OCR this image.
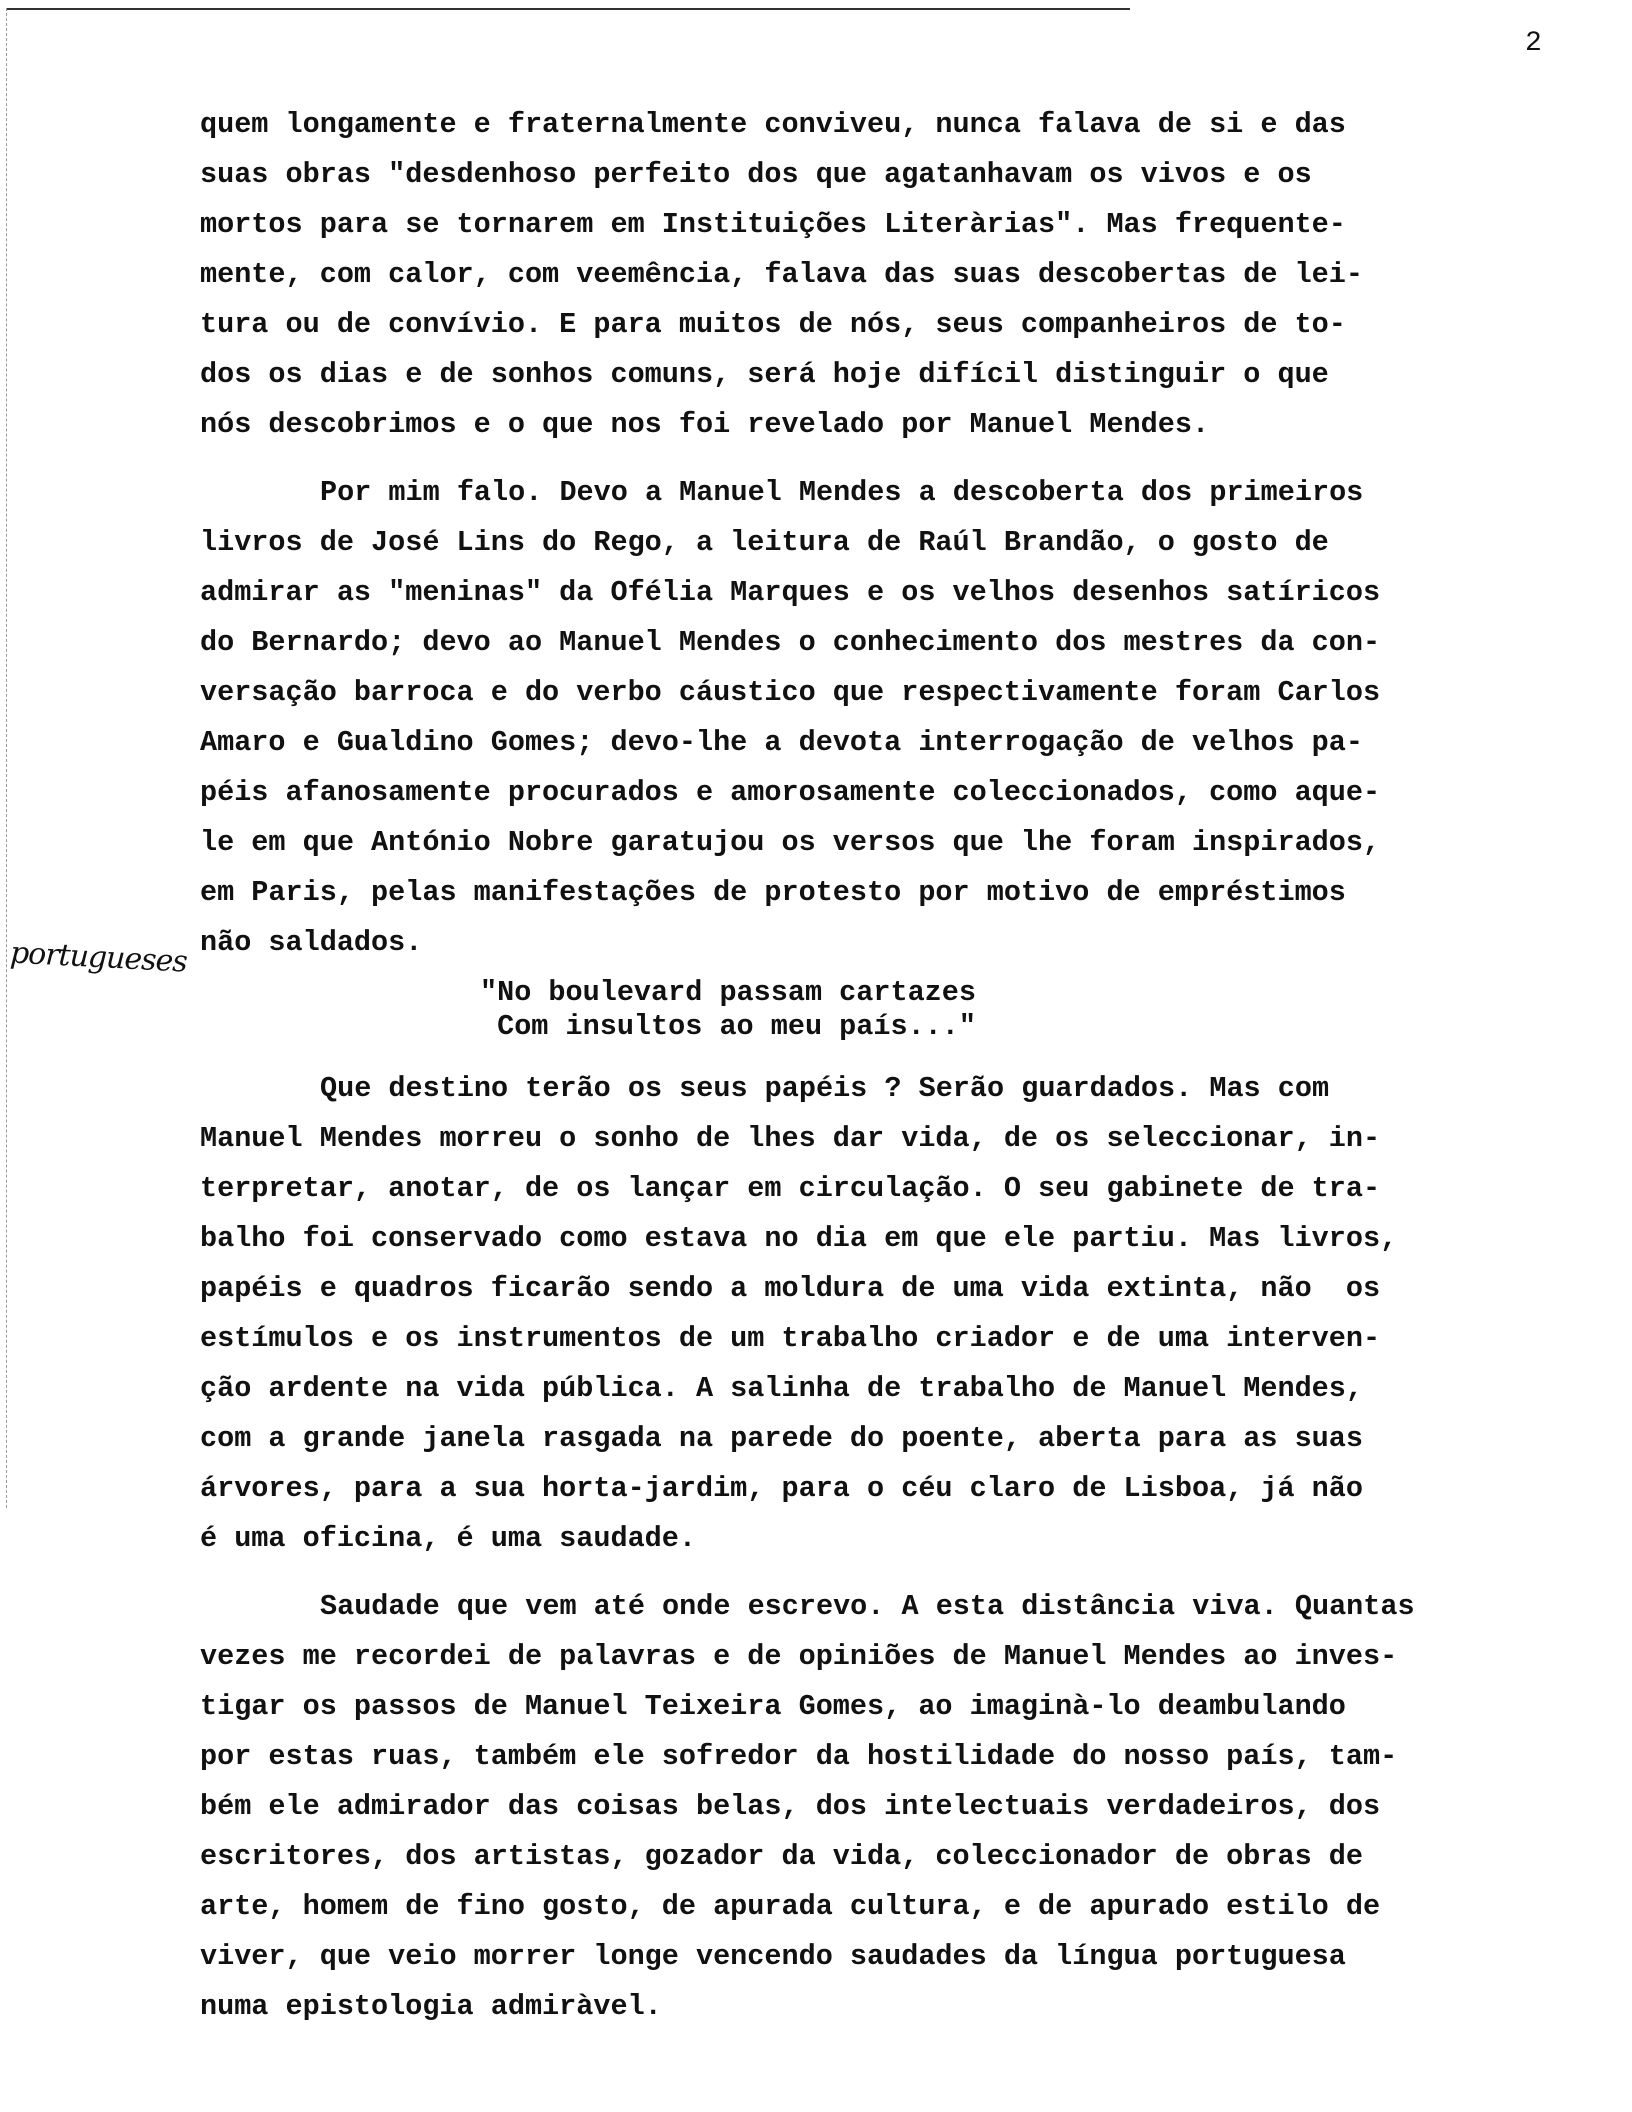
2
portugueses

quem longamente e fraternalmente conviveu, nunca falava de si e das
suas obras "desdenhoso perfeito dos que agatanhavam os vivos e os
mortos para se tornarem em Instituições Literàrias". Mas frequente-
mente, com calor, com veemência, falava das suas descobertas de lei-
tura ou de convívio. E para muitos de nós, seus companheiros de to-
dos os dias e de sonhos comuns, será hoje difícil distinguir o que
nós descobrimos e o que nos foi revelado por Manuel Mendes.

Por mim falo. Devo a Manuel Mendes a descoberta dos primeiros
livros de José Lins do Rego, a leitura de Raúl Brandão, o gosto de
admirar as "meninas" da Ofélia Marques e os velhos desenhos satíricos
do Bernardo; devo ao Manuel Mendes o conhecimento dos mestres da con-
versação barroca e do verbo cáustico que respectivamente foram Carlos
Amaro e Gualdino Gomes; devo-lhe a devota interrogação de velhos pa-
péis afanosamente procurados e amorosamente coleccionados, como aque-
le em que António Nobre garatujou os versos que lhe foram inspirados,
em Paris, pelas manifestações de protesto por motivo de empréstimos
não saldados.

"No boulevard passam cartazes
Com insultos ao meu país..."

Que destino terão os seus papéis ? Serão guardados. Mas com
Manuel Mendes morreu o sonho de lhes dar vida, de os seleccionar, in-
terpretar, anotar, de os lançar em circulação. O seu gabinete de tra-
balho foi conservado como estava no dia em que ele partiu. Mas livros,
papéis e quadros ficarão sendo a moldura de uma vida extinta, não  os
estímulos e os instrumentos de um trabalho criador e de uma interven-
ção ardente na vida pública. A salinha de trabalho de Manuel Mendes,
com a grande janela rasgada na parede do poente, aberta para as suas
árvores, para a sua horta-jardim, para o céu claro de Lisboa, já não
é uma oficina, é uma saudade.

Saudade que vem até onde escrevo. A esta distância viva. Quantas
vezes me recordei de palavras e de opiniões de Manuel Mendes ao inves-
tigar os passos de Manuel Teixeira Gomes, ao imaginà-lo deambulando
por estas ruas, também ele sofredor da hostilidade do nosso país, tam-
bém ele admirador das coisas belas, dos intelectuais verdadeiros, dos
escritores, dos artistas, gozador da vida, coleccionador de obras de
arte, homem de fino gosto, de apurada cultura, e de apurado estilo de
viver, que veio morrer longe vencendo saudades da língua portuguesa
numa epistologia admiràvel.
